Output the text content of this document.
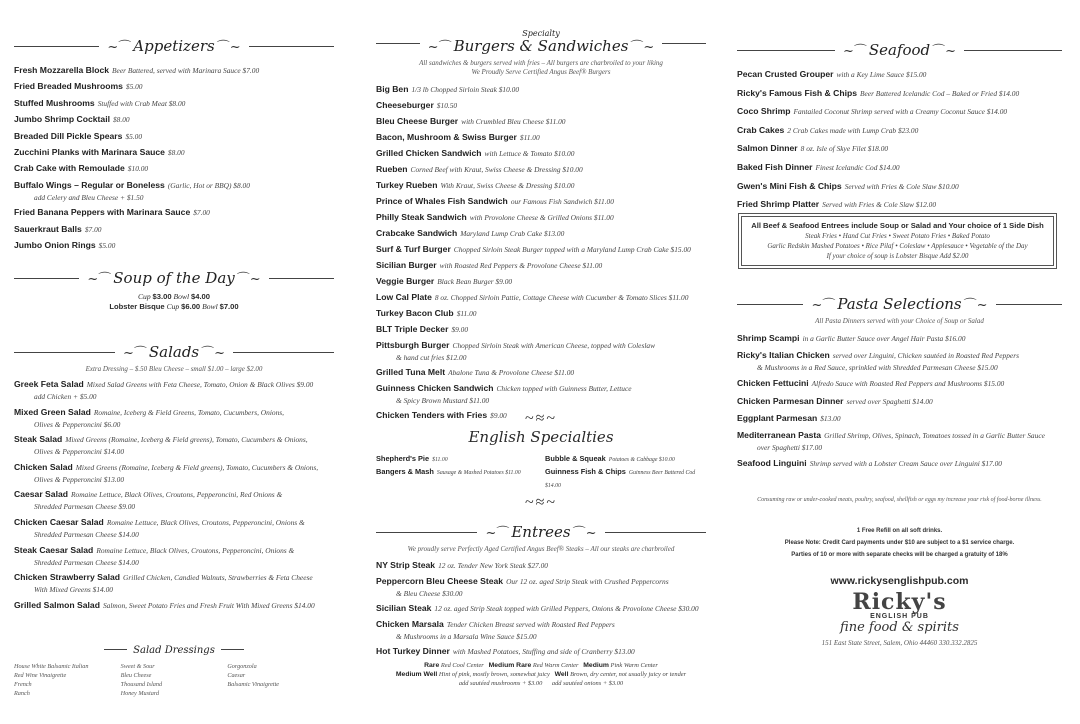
~⌒ Appetizers ⌒~
Fresh Mozzarella Block Beer Battered, served with Marinara Sauce $7.00
Fried Breaded Mushrooms $5.00
Stuffed Mushrooms Stuffed with Crab Meat $8.00
Jumbo Shrimp Cocktail $8.00
Breaded Dill Pickle Spears $5.00
Zucchini Planks with Marinara Sauce $8.00
Crab Cake with Remoulade $10.00
Buffalo Wings – Regular or Boneless (Garlic, Hot or BBQ) $8.00
add Celery and Bleu Cheese + $1.50
Fried Banana Peppers with Marinara Sauce $7.00
Sauerkraut Balls $7.00
Jumbo Onion Rings $5.00
~⌒ Soup of the Day ⌒~
Cup $3.00 Bowl $4.00
Lobster Bisque Cup $6.00 Bowl $7.00
~⌒ Salads ⌒~
Extra Dressing – $.50 Bleu Cheese – small $1.00 – large $2.00
Greek Feta Salad Mixed Salad Greens with Feta Cheese, Tomato, Onion & Black Olives $9.00
add Chicken + $5.00
Mixed Green Salad Romaine, Iceberg & Field Greens, Tomato, Cucumbers, Onions,
Olives & Pepperoncini $6.00
Steak Salad Mixed Greens (Romaine, Iceberg & Field greens), Tomato, Cucumbers & Onions,
Olives & Pepperoncini $14.00
Chicken Salad Mixed Greens (Romaine, Iceberg & Field greens), Tomato, Cucumbers & Onions,
Olives & Pepperoncini $13.00
Caesar Salad Romaine Lettuce, Black Olives, Croutons, Pepperoncini, Red Onions &
Shredded Parmesan Cheese $9.00
Chicken Caesar Salad Romaine Lettuce, Black Olives, Croutons, Pepperoncini, Onions &
Shredded Parmesan Cheese $14.00
Steak Caesar Salad Romaine Lettuce, Black Olives, Croutons, Pepperoncini, Onions &
Shredded Parmesan Cheese $14.00
Chicken Strawberry Salad Grilled Chicken, Candied Walnuts, Strawberries & Feta Cheese
With Mixed Greens $14.00
Grilled Salmon Salad Salmon, Sweet Potato Fries and Fresh Fruit With Mixed Greens $14.00
Salad Dressings
House White Balsamic Italian
Red Wine Vinaigrette
French
Ranch
Sweet & Sour
Bleu Cheese
Thousand Island
Honey Mustard
Gorgonzola
Caesar
Balsamic Vinaigrette
Specialty
~⌒ Burgers & Sandwiches ⌒~
All sandwiches & burgers served with fries – All burgers are charbroiled to your liking
We Proudly Serve Certified Angus Beef® Burgers
Big Ben 1/3 lb Chopped Sirloin Steak $10.00
Cheeseburger $10.50
Bleu Cheese Burger with Crumbled Bleu Cheese $11.00
Bacon, Mushroom & Swiss Burger $11.00
Grilled Chicken Sandwich with Lettuce & Tomato $10.00
Rueben Corned Beef with Kraut, Swiss Cheese & Dressing $10.00
Turkey Rueben With Kraut, Swiss Cheese & Dressing $10.00
Prince of Whales Fish Sandwich our Famous Fish Sandwich $11.00
Philly Steak Sandwich with Provolone Cheese & Grilled Onions $11.00
Crabcake Sandwich Maryland Lump Crab Cake $13.00
Surf & Turf Burger Chopped Sirloin Steak Burger topped with a Maryland Lump Crab Cake $15.00
Sicilian Burger with Roasted Red Peppers & Provolone Cheese $11.00
Veggie Burger Black Bean Burger $9.00
Low Cal Plate 8 oz. Chopped Sirloin Pattie, Cottage Cheese with Cucumber & Tomato Slices $11.00
Turkey Bacon Club $11.00
BLT Triple Decker $9.00
Pittsburgh Burger Chopped Sirloin Steak with American Cheese, topped with Coleslaw
& hand cut fries $12.00
Grilled Tuna Melt Abalone Tuna & Provolone Cheese $11.00
Guinness Chicken Sandwich Chicken topped with Guinness Butter, Lettuce
& Spicy Brown Mustard $11.00
Chicken Tenders with Fries $9.00	~≈~
English Specialties
Shepherd's Pie $11.00	Bubble & Squeak Potatoes & Cabbage $10.00
Bangers & Mash Sausage & Mashed Potatoes $11.00	Guinness Fish & Chips Guinness Beer Battered Cod $14.00
~≈~
~⌒ Entrees ⌒~
We proudly serve Perfectly Aged Certified Angus Beef® Steaks – All our steaks are charbroiled
NY Strip Steak 12 oz. Tender New York Steak $27.00
Peppercorn Bleu Cheese Steak Our 12 oz. aged Strip Steak with Crushed Peppercorns
& Bleu Cheese $30.00
Sicilian Steak 12 oz. aged Strip Steak topped with Grilled Peppers, Onions & Provolone Cheese $30.00
Chicken Marsala Tender Chicken Breast served with Roasted Red Peppers
& Mushrooms in a Marsala Wine Sauce $15.00
Hot Turkey Dinner with Mashed Potatoes, Stuffing and side of Cranberry $13.00
Rare Red Cool Center Medium Rare Red Warm Center Medium Pink Warm Center
Medium Well Hint of pink, mostly brown, somewhat juicy Well Brown, dry center, not usually juicy or tender
add sautéed mushrooms + $3.00 add sautéed onions + $3.00
~⌒ Seafood ⌒~
Pecan Crusted Grouper with a Key Lime Sauce $15.00
Ricky's Famous Fish & Chips Beer Battered Icelandic Cod – Baked or Fried $14.00
Coco Shrimp Fantailed Coconut Shrimp served with a Creamy Coconut Sauce $14.00
Crab Cakes 2 Crab Cakes made with Lump Crab $23.00
Salmon Dinner 8 oz. Isle of Skye Filet $18.00
Baked Fish Dinner Finest Icelandic Cod $14.00
Gwen's Mini Fish & Chips Served with Fries & Cole Slaw $10.00
Fried Shrimp Platter Served with Fries & Cole Slaw $12.00
All Beef & Seafood Entrees include Soup or Salad and Your choice of 1 Side Dish
Steak Fries • Hand Cut Fries • Sweet Potato Fries • Baked Potato
Garlic Redskin Mashed Potatoes • Rice Pilaf • Coleslaw • Applesauce • Vegetable of the Day
If your choice of soup is Lobster Bisque Add $2.00
~⌒ Pasta Selections ⌒~
All Pasta Dinners served with your Choice of Soup or Salad
Shrimp Scampi in a Garlic Butter Sauce over Angel Hair Pasta $16.00
Ricky's Italian Chicken served over Linguini, Chicken sautéed in Roasted Red Peppers
& Mushrooms in a Red Sauce, sprinkled with Shredded Parmesan Cheese $15.00
Chicken Fettucini Alfredo Sauce with Roasted Red Peppers and Mushrooms $15.00
Chicken Parmesan Dinner served over Spaghetti $14.00
Eggplant Parmesan $13.00
Mediterranean Pasta Grilled Shrimp, Olives, Spinach, Tomatoes tossed in a Garlic Butter Sauce
over Spaghetti $17.00
Seafood Linguini Shrimp served with a Lobster Cream Sauce over Linguini $17.00
Consuming raw or under-cooked meats, poultry, seafood, shellfish or eggs my increase your risk of food-borne illness.
1 Free Refill on all soft drinks.
Please Note: Credit Card payments under $10 are subject to a $1 service charge.
Parties of 10 or more with separate checks will be charged a gratuity of 18%
www.rickysenglishpub.com
Ricky's
ENGLISH PUB
fine food & spirits
151 East State Street, Salem, Ohio 44460 330.332.2825
